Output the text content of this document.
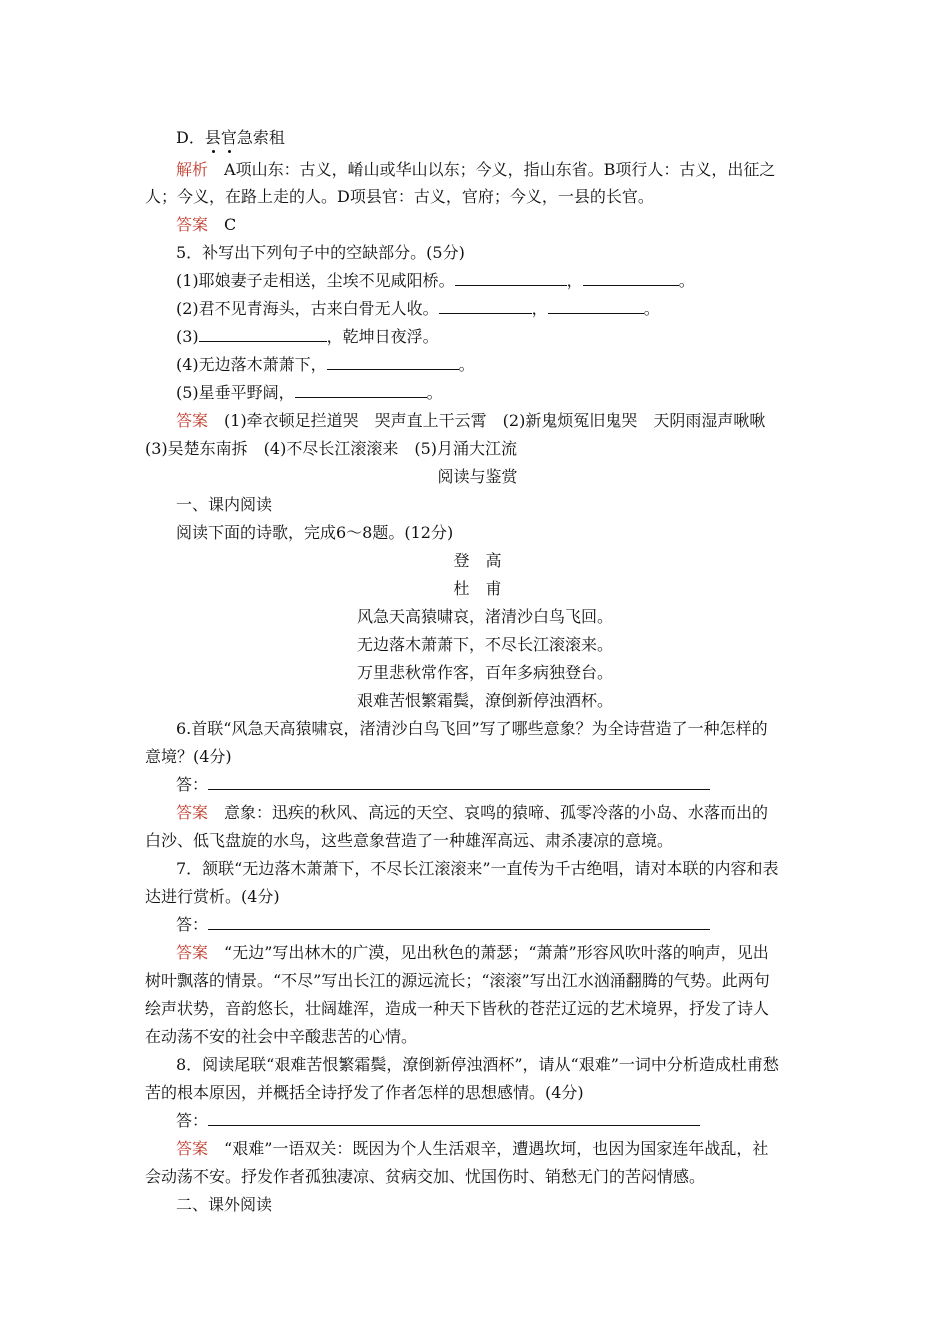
D．县官急索租
解析 A项山东：古义，崤山或华山以东；今义，指山东省。B项行人：古义，出征之
人；今义，在路上走的人。D项县官：古义，官府；今义，一县的长官。
答案 C
5．补写出下列句子中的空缺部分。(5分)
(1)耶娘妻子走相送，尘埃不见咸阳桥。	，	。
(2)君不见青海头，古来白骨无人收。	，	。
(3)	，乾坤日夜浮。
(4)无边落木萧萧下，	。
(5)星垂平野阔，	。
答案 (1)牵衣顿足拦道哭　哭声直上干云霄　(2)新鬼烦冤旧鬼哭　天阴雨湿声啾啾
(3)吴楚东南拆　(4)不尽长江滚滚来　(5)月涌大江流
阅读与鉴赏
一、课内阅读
阅读下面的诗歌，完成6～8题。(12分)
登　高
杜　甫
风急天高猿啸哀，渚清沙白鸟飞回。
无边落木萧萧下，不尽长江滚滚来。
万里悲秋常作客，百年多病独登台。
艰难苦恨繁霜鬓，潦倒新停浊酒杯。
6.首联“风急天高猿啸哀，渚清沙白鸟飞回”写了哪些意象？为全诗营造了一种怎样的
意境？(4分)
答：
答案 意象：迅疾的秋风、高远的天空、哀鸣的猿啼、孤零冷落的小岛、水落而出的
白沙、低飞盘旋的水鸟，这些意象营造了一种雄浑高远、肃杀凄凉的意境。
7．颔联“无边落木萧萧下，不尽长江滚滚来”一直传为千古绝唱，请对本联的内容和表
达进行赏析。(4分)
答：
答案 “无边”写出林木的广漠，见出秋色的萧瑟；“萧萧”形容风吹叶落的响声，见出
树叶飘落的情景。“不尽”写出长江的源远流长；“滚滚”写出江水汹涌翻腾的气势。此两句
绘声状势，音韵悠长，壮阔雄浑，造成一种天下皆秋的苍茫辽远的艺术境界，抒发了诗人
在动荡不安的社会中辛酸悲苦的心情。
8．阅读尾联“艰难苦恨繁霜鬓，潦倒新停浊酒杯”，请从“艰难”一词中分析造成杜甫愁
苦的根本原因，并概括全诗抒发了作者怎样的思想感情。(4分)
答：
答案 “艰难”一语双关：既因为个人生活艰辛，遭遇坎坷，也因为国家连年战乱，社
会动荡不安。抒发作者孤独凄凉、贫病交加、忧国伤时、销愁无门的苦闷情感。
二、课外阅读
